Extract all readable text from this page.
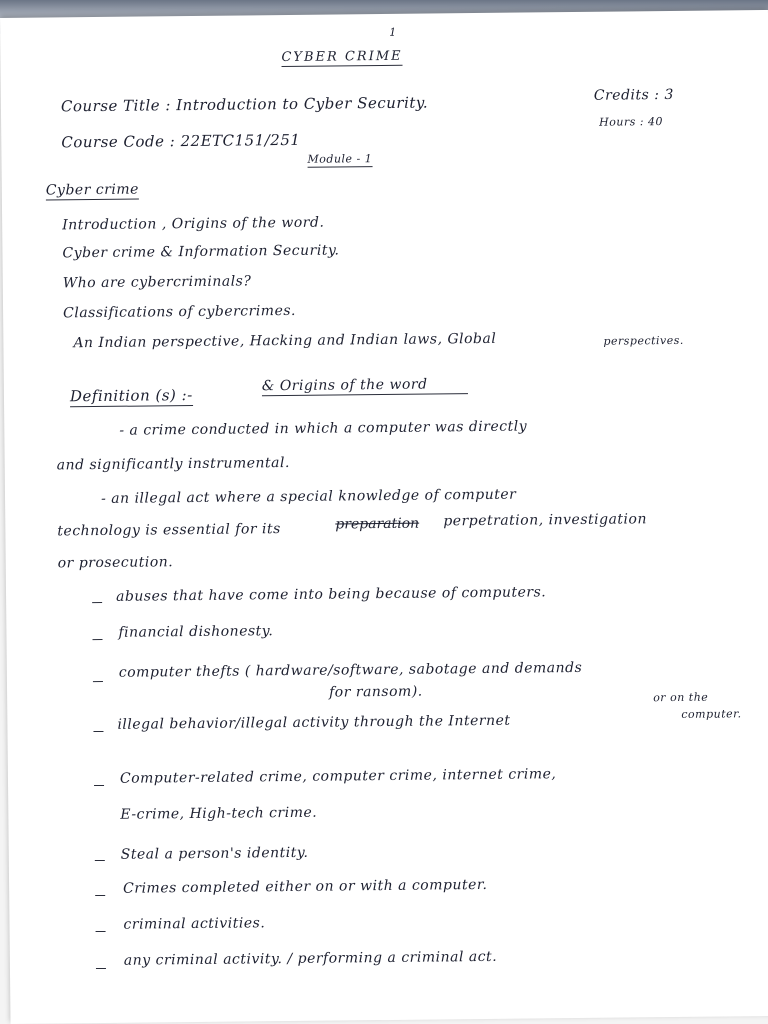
1
CYBER CRIME
Course Title : Introduction to Cyber Security.	Credits : 3
Course Code : 22ETC151/251
Hours : 40
Module - 1
Cyber crime
Introduction , Origins of the word.
Cyber crime & Information Security.
Who are cybercriminals?
Classifications of cybercrimes.
An Indian perspective, Hacking and Indian laws, Global	perspectives.
Definition (s) :-
& Origins of the word
- a crime conducted in which a computer was directly
and significantly instrumental.
- an illegal act where a special knowledge of computer
technology is essential for its	preparation perpetration, investigation
or prosecution.
abuses that have come into being because of computers.
financial dishonesty.
computer thefts ( hardware/software, sabotage and demands
for ransom).
illegal behavior/illegal activity through the Internet
or on the
computer.
Computer-related crime, computer crime, internet crime,
E-crime, High-tech crime.
Steal a person's identity.
Crimes completed either on or with a computer.
criminal activities.
any criminal activity. / performing a criminal act.
